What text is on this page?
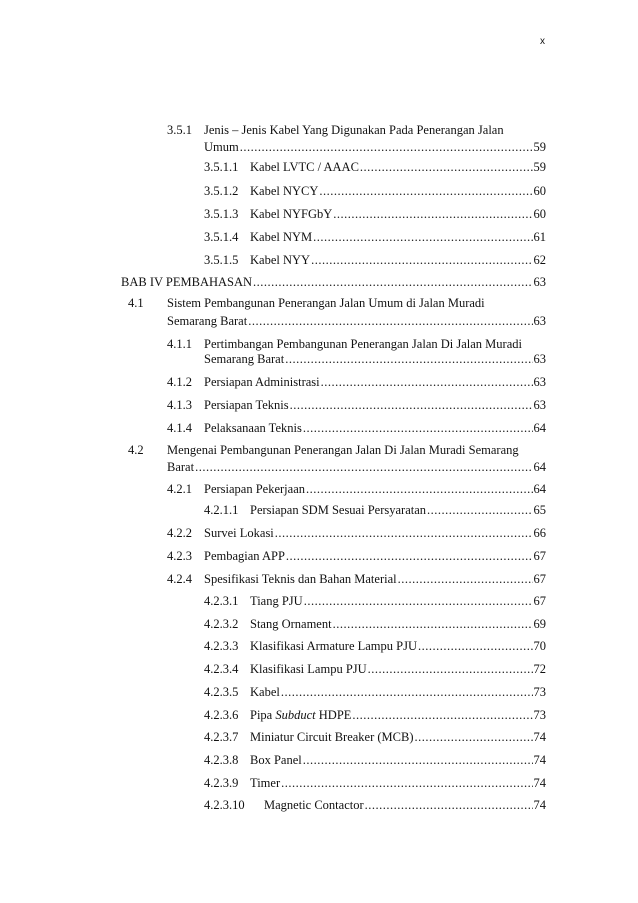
x
3.5.1 Jenis – Jenis Kabel Yang Digunakan Pada Penerangan Jalan
Umum .....	59
3.5.1.1 Kabel LVTC / AAAC .....	59
3.5.1.2 Kabel NYCY .....	60
3.5.1.3 Kabel NYFGbY .....	60
3.5.1.4 Kabel NYM .....	61
3.5.1.5 Kabel NYY .....	62
BAB IV PEMBAHASAN .....	63
4.1 Sistem Pembangunan Penerangan Jalan Umum di Jalan Muradi
Semarang Barat .....	63
4.1.1 Pertimbangan Pembangunan Penerangan Jalan Di Jalan Muradi
Semarang Barat .....	63
4.1.2 Persiapan Administrasi .....	63
4.1.3 Persiapan Teknis .....	63
4.1.4 Pelaksanaan Teknis .....	64
4.2 Mengenai Pembangunan Penerangan Jalan Di Jalan Muradi Semarang
Barat .....	64
4.2.1 Persiapan Pekerjaan .....	64
4.2.1.1 Persiapan SDM Sesuai Persyaratan .....	65
4.2.2 Survei Lokasi .....	66
4.2.3 Pembagian APP .....	67
4.2.4 Spesifikasi Teknis dan Bahan Material .....	67
4.2.3.1 Tiang PJU .....	67
4.2.3.2 Stang Ornament .....	69
4.2.3.3 Klasifikasi Armature Lampu PJU .....	70
4.2.3.4 Klasifikasi Lampu PJU .....	72
4.2.3.5 Kabel .....	73
4.2.3.6 Pipa Subduct HDPE .....	73
4.2.3.7 Miniatur Circuit Breaker (MCB) .....	74
4.2.3.8 Box Panel .....	74
4.2.3.9 Timer .....	74
4.2.3.10 Magnetic Contactor .....	74
